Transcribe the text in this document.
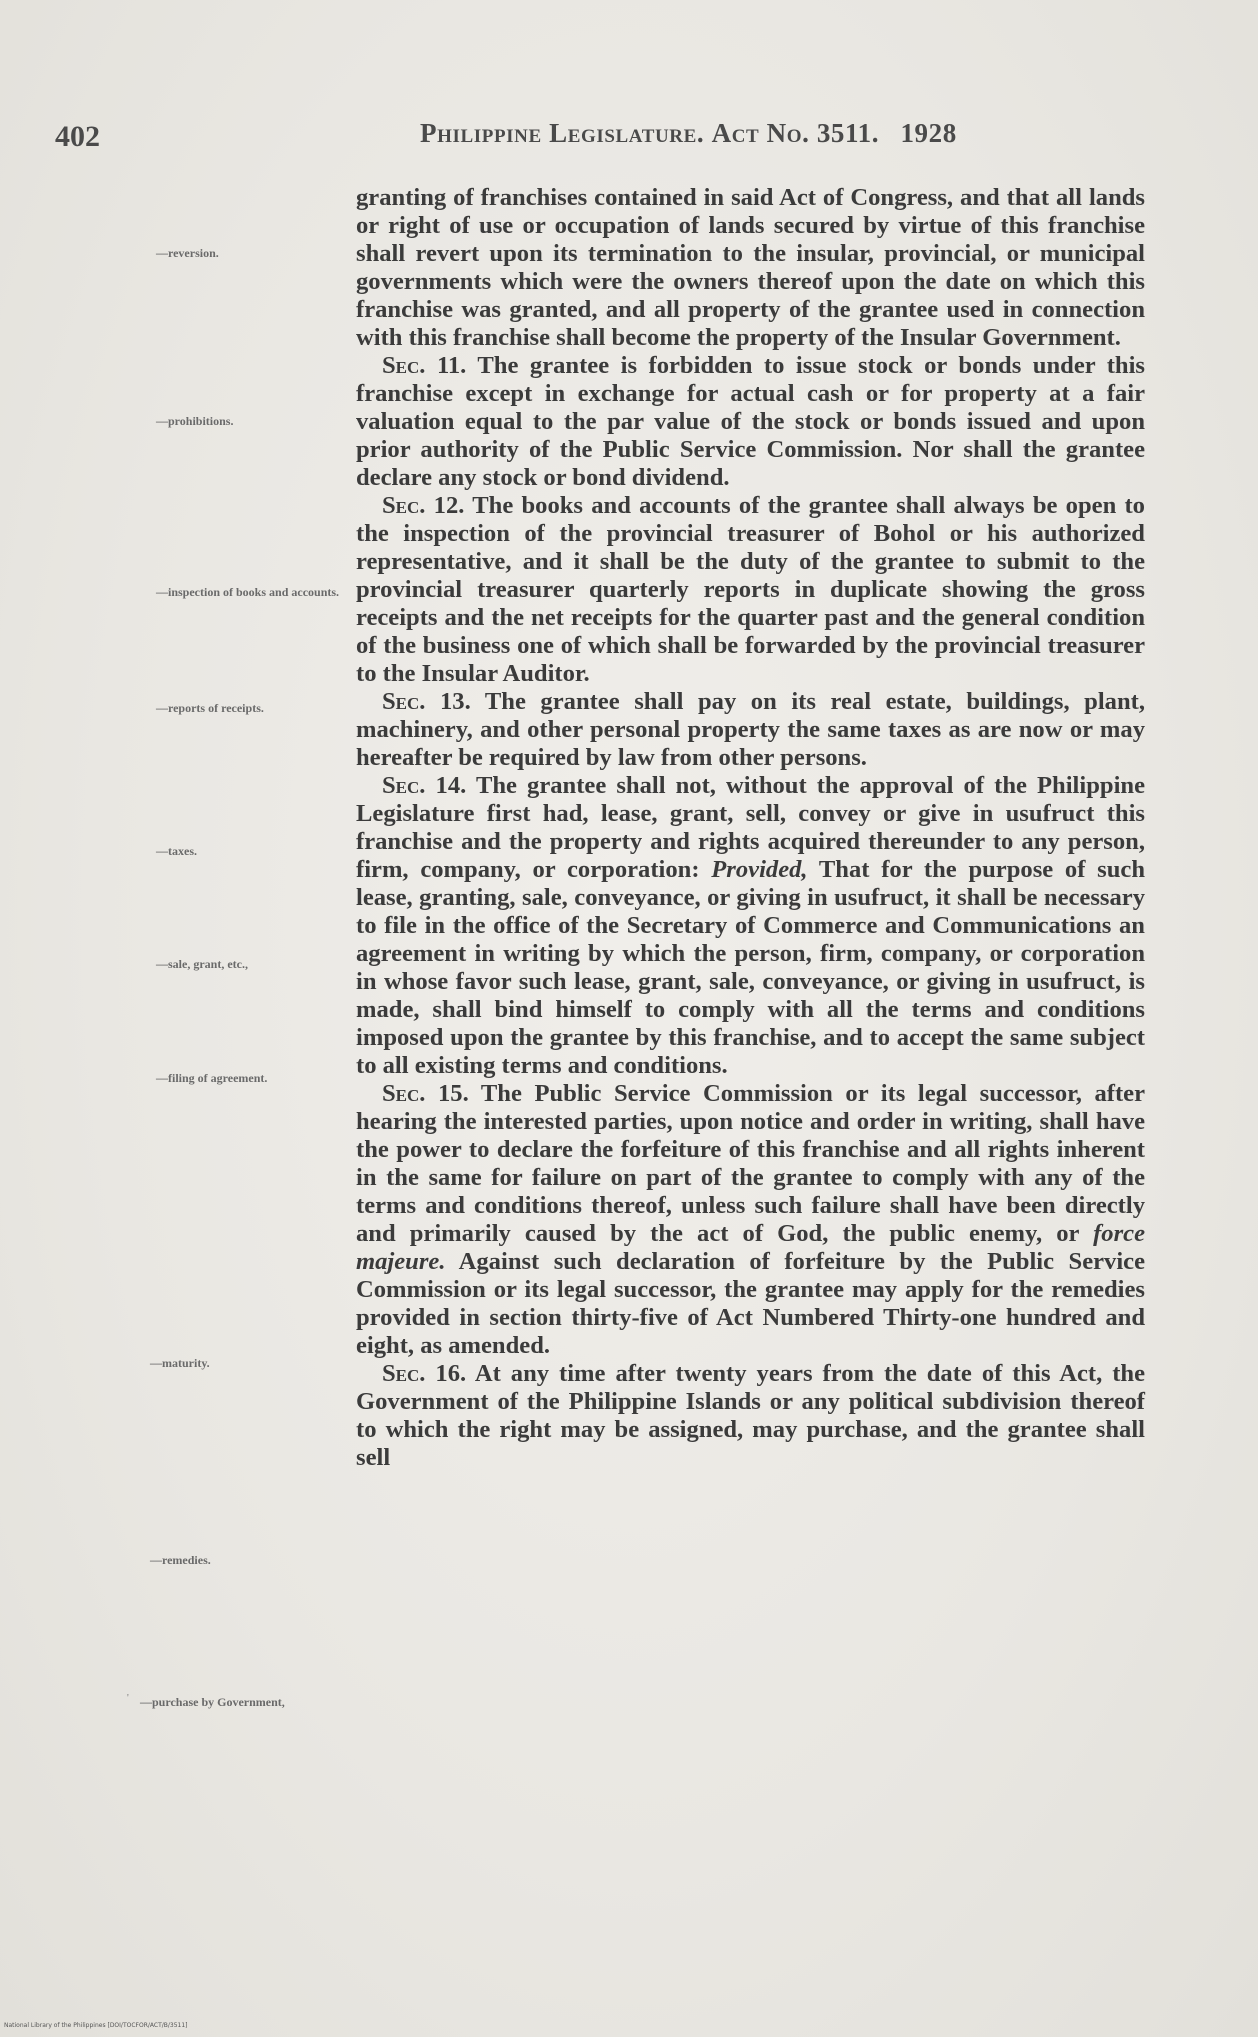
402	Philippine Legislature. Act No. 3511. 1928
—reversion.
—prohibitions.
—inspection of books and accounts.
—reports of receipts.
—taxes.
—sale, grant, etc.,
—filing of agreement.
—maturity.
—remedies.
—purchase by Government,

granting of franchises contained in said Act of Congress, and that all lands or right of use or occupation of lands secured by virtue of this franchise shall revert upon its termination to the insular, provincial, or municipal governments which were the owners thereof upon the date on which this franchise was granted, and all property of the grantee used in connection with this franchise shall become the property of the Insular Government.

Sec. 11. The grantee is forbidden to issue stock or bonds under this franchise except in exchange for actual cash or for property at a fair valuation equal to the par value of the stock or bonds issued and upon prior authority of the Public Service Commission. Nor shall the grantee declare any stock or bond dividend.

Sec. 12. The books and accounts of the grantee shall always be open to the inspection of the provincial treasurer of Bohol or his authorized representative, and it shall be the duty of the grantee to submit to the provincial treasurer quarterly reports in duplicate showing the gross receipts and the net receipts for the quarter past and the general condition of the business one of which shall be forwarded by the provincial treasurer to the Insular Auditor.

Sec. 13. The grantee shall pay on its real estate, buildings, plant, machinery, and other personal property the same taxes as are now or may hereafter be required by law from other persons.

Sec. 14. The grantee shall not, without the approval of the Philippine Legislature first had, lease, grant, sell, convey or give in usufruct this franchise and the property and rights acquired thereunder to any person, firm, company, or corporation: Provided, That for the purpose of such lease, granting, sale, conveyance, or giving in usufruct, it shall be necessary to file in the office of the Secretary of Commerce and Communications an agreement in writing by which the person, firm, company, or corporation in whose favor such lease, grant, sale, conveyance, or giving in usufruct, is made, shall bind himself to comply with all the terms and conditions imposed upon the grantee by this franchise, and to accept the same subject to all existing terms and conditions.

Sec. 15. The Public Service Commission or its legal successor, after hearing the interested parties, upon notice and order in writing, shall have the power to declare the forfeiture of this franchise and all rights inherent in the same for failure on part of the grantee to comply with any of the terms and conditions thereof, unless such failure shall have been directly and primarily caused by the act of God, the public enemy, or force majeure. Against such declaration of forfeiture by the Public Service Commission or its legal successor, the grantee may apply for the remedies provided in section thirty-five of Act Numbered Thirty-one hundred and eight, as amended.

Sec. 16. At any time after twenty years from the date of this Act, the Government of the Philippine Islands or any political subdivision thereof to which the right may be assigned, may purchase, and the grantee shall sell

'
National Library of the Philippines [DOI/TOCFOR/ACT/B/3511]
